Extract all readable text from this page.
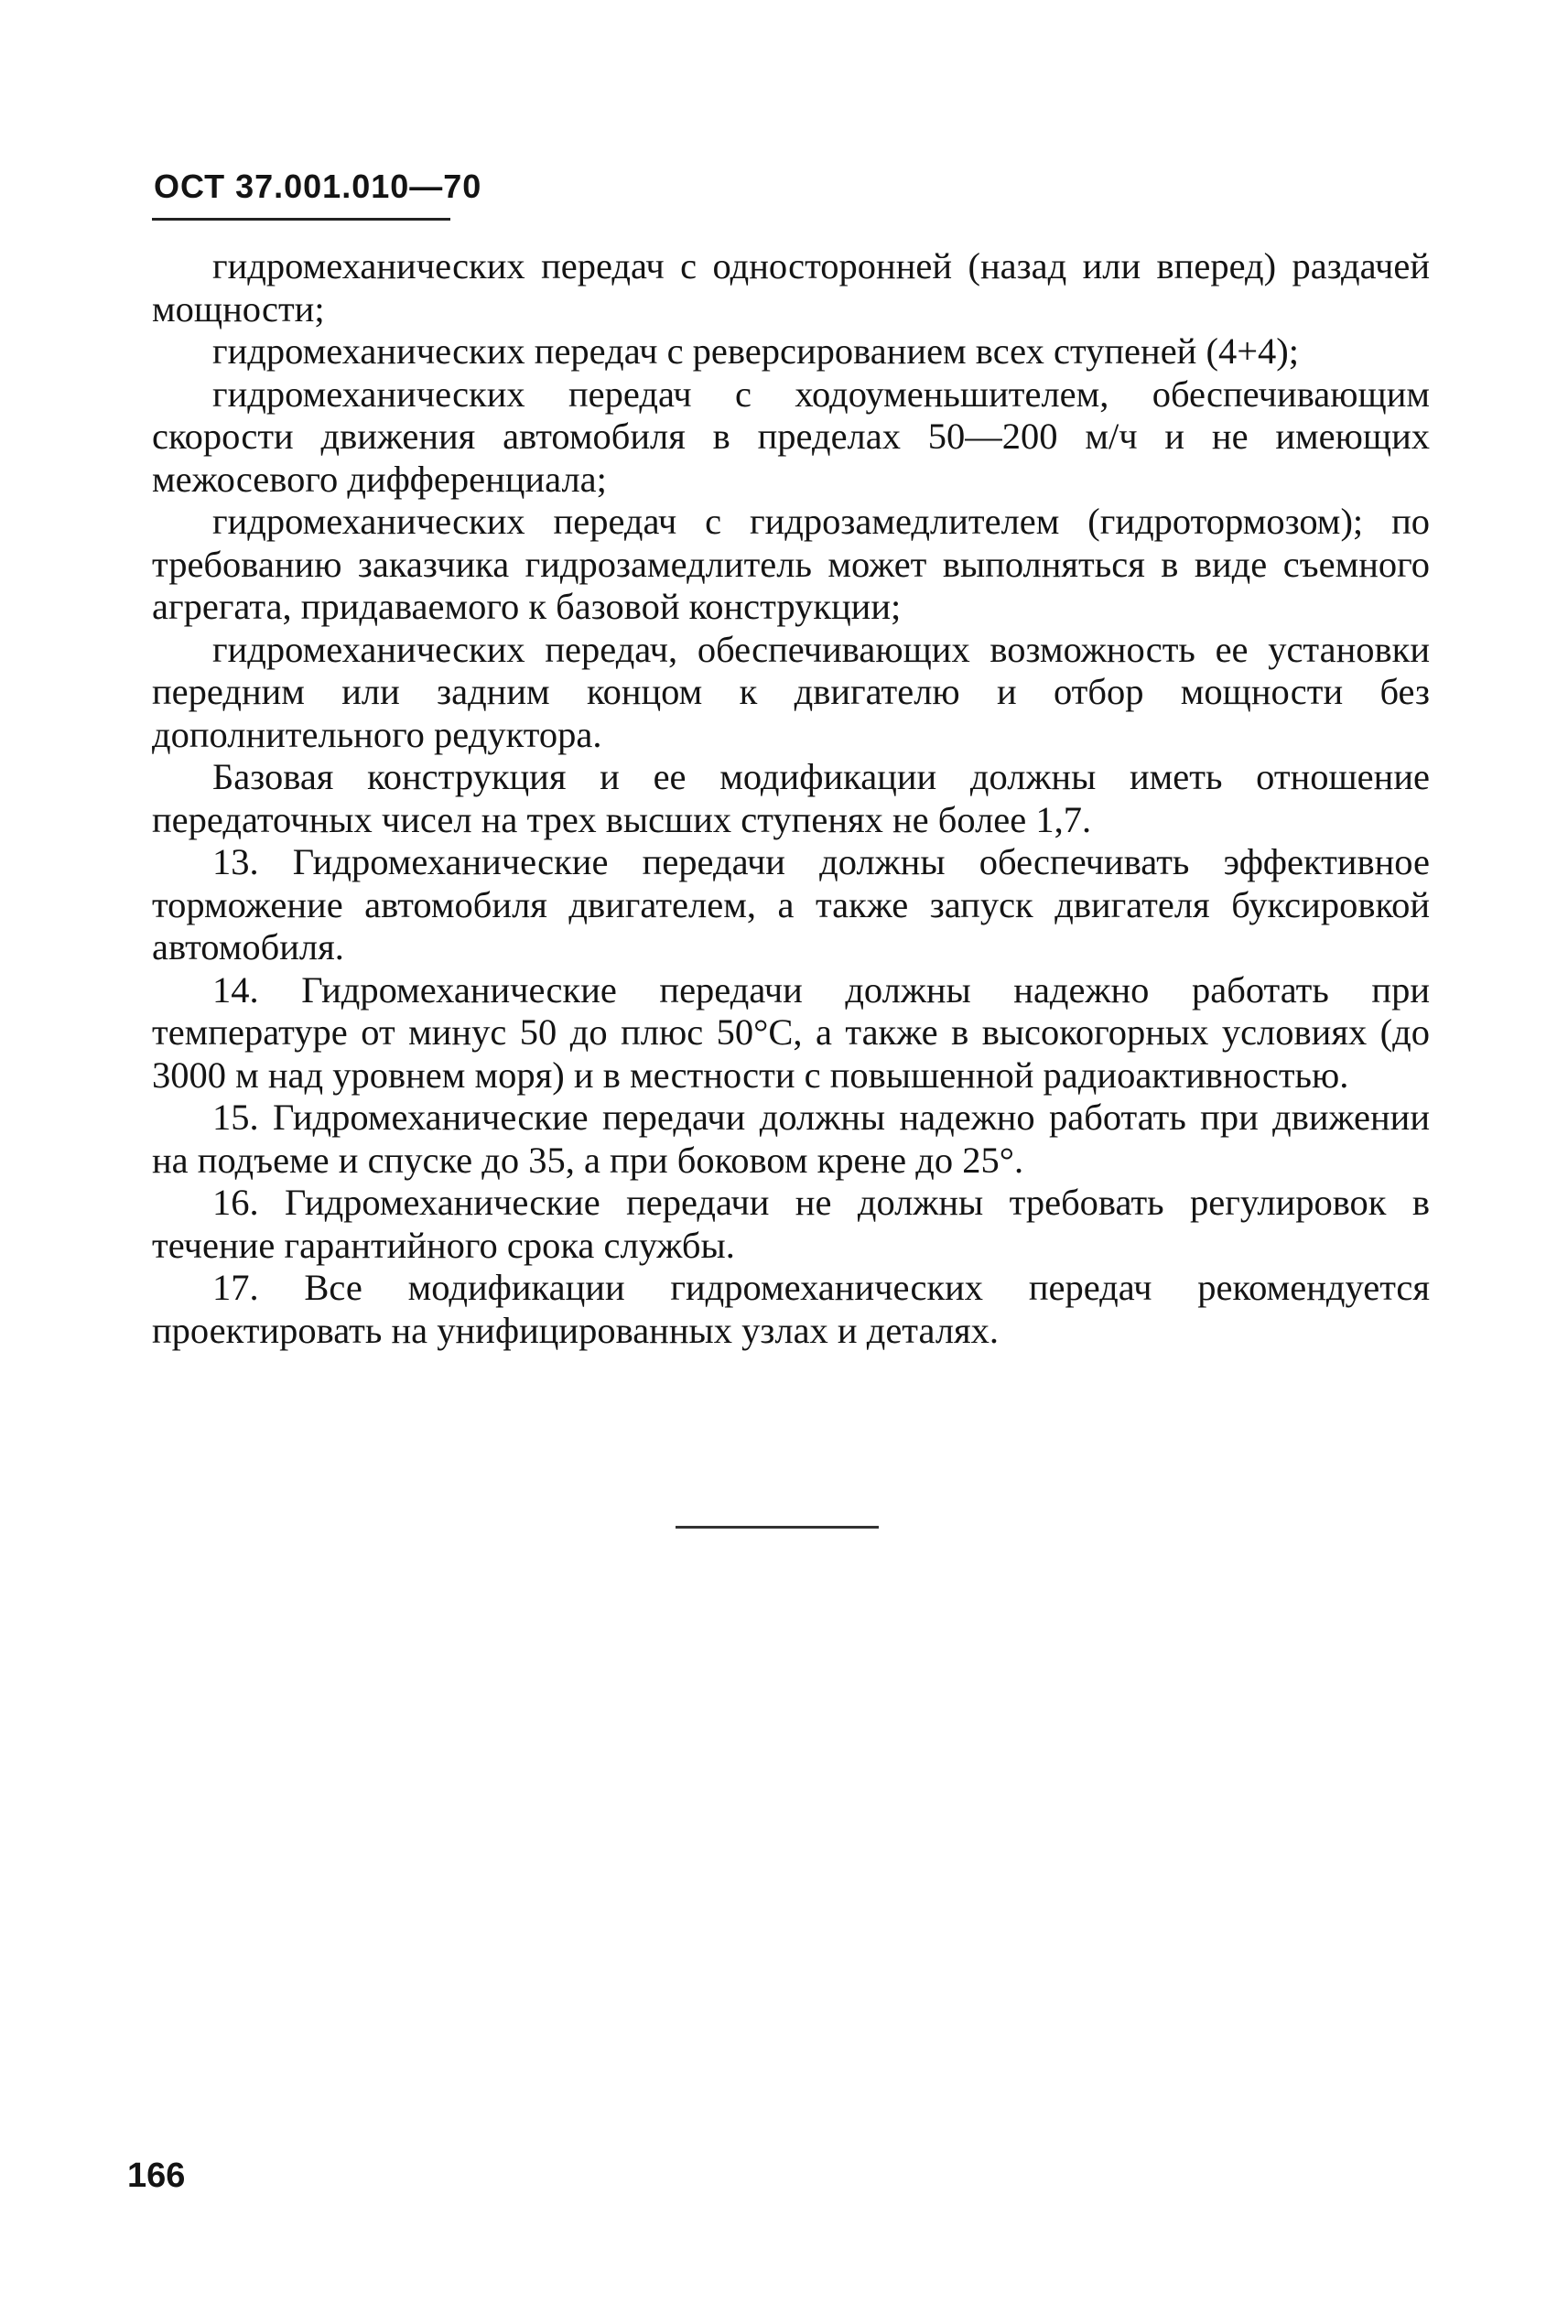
ОСТ 37.001.010—70

гидромеханических передач с односторонней (назад или вперед) раздачей мощности;

гидромеханических передач с реверсированием всех ступеней (4+4);

гидромеханических передач с ходоуменьшителем, обеспечивающим скорости движения автомобиля в пределах 50—200 м/ч и не имеющих межосевого дифференциала;

гидромеханических передач с гидрозамедлителем (гидротормозом); по требованию заказчика гидрозамедлитель может выполняться в виде съемного агрегата, придаваемого к базовой конструкции;

гидромеханических передач, обеспечивающих возможность ее установки передним или задним концом к двигателю и отбор мощности без дополнительного редуктора.

Базовая конструкция и ее модификации должны иметь отношение передаточных чисел на трех высших ступенях не более 1,7.

13. Гидромеханические передачи должны обеспечивать эффективное торможение автомобиля двигателем, а также запуск двигателя буксировкой автомобиля.

14. Гидромеханические передачи должны надежно работать при температуре от минус 50 до плюс 50°С, а также в высокогорных условиях (до 3000 м над уровнем моря) и в местности с повышенной радиоактивностью.

15. Гидромеханические передачи должны надежно работать при движении на подъеме и спуске до 35, а при боковом крене до 25°.

16. Гидромеханические передачи не должны требовать регулировок в течение гарантийного срока службы.

17. Все модификации гидромеханических передач рекомендуется проектировать на унифицированных узлах и деталях.

166
